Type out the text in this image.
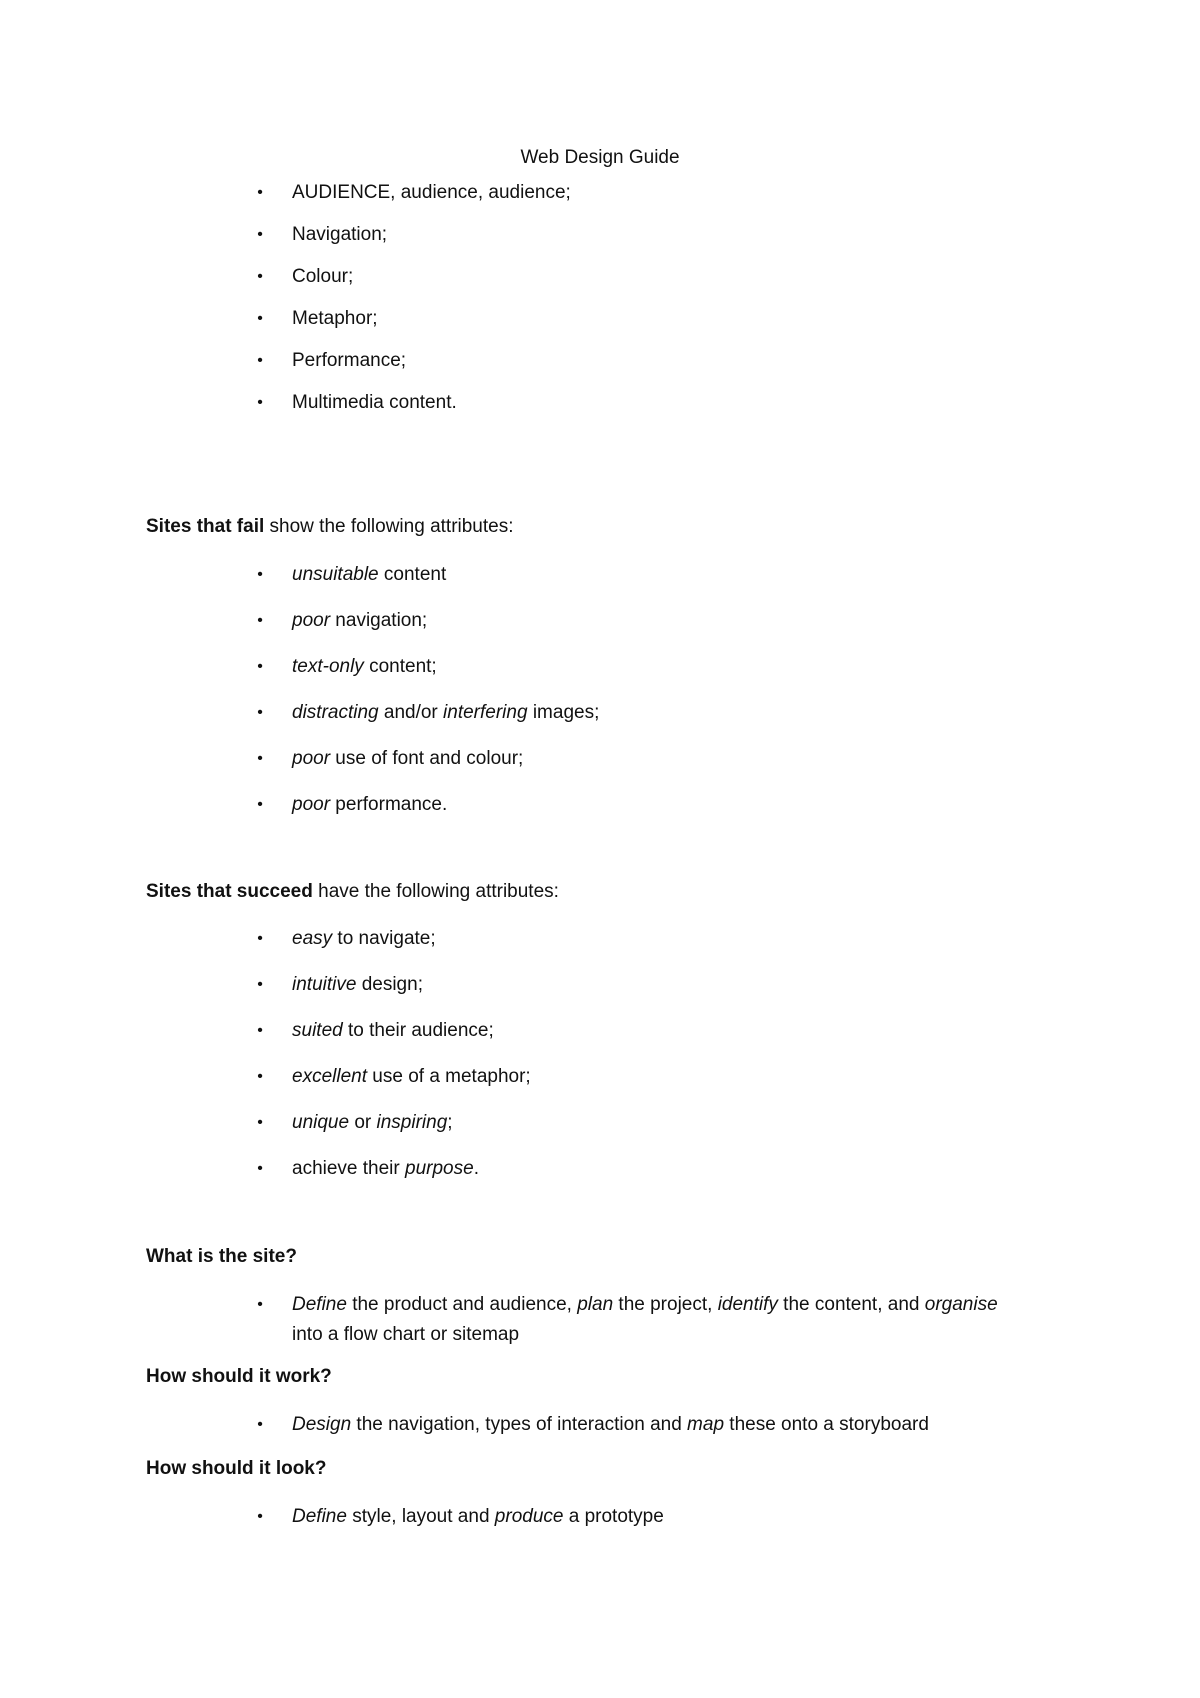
Web Design Guide
• AUDIENCE, audience, audience;
• Navigation;
• Colour;
• Metaphor;
• Performance;
• Multimedia content.

Sites that fail show the following attributes:

• unsuitable content
• poor navigation;
• text-only content;
• distracting and/or interfering images;
• poor use of font and colour;
• poor performance.

Sites that succeed have the following attributes:

• easy to navigate;
• intuitive design;
• suited to their audience;
• excellent use of a metaphor;
• unique or inspiring;
• achieve their purpose.

What is the site?

• Define the product and audience, plan the project, identify the content, and organise into a flow chart or sitemap

How should it work?

• Design the navigation, types of interaction and map these onto a storyboard

How should it look?

• Define style, layout and produce a prototype
